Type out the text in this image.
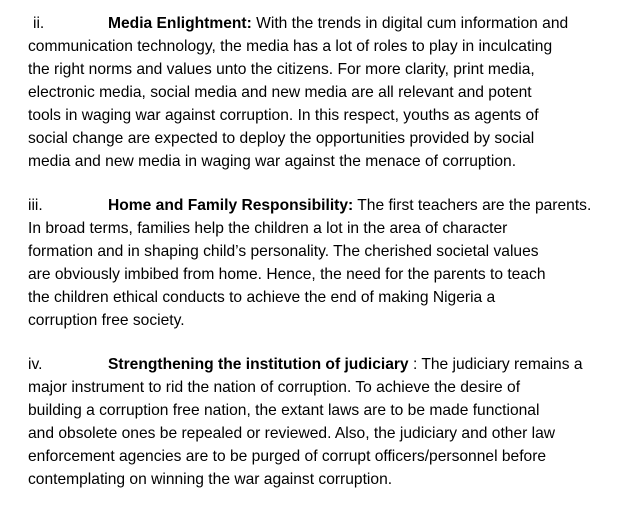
ii.	Media Enlightment: With the trends in digital cum information and
communication technology, the media has a lot of roles to play in inculcating
the right norms and values unto the citizens. For more clarity, print media,
electronic media, social media and new media are all relevant and potent
tools in waging war against corruption. In this respect, youths as agents of
social change are expected to deploy the opportunities provided by social
media and new media in waging war against the menace of corruption.
iii.	Home and Family Responsibility: The first teachers are the parents.
In broad terms, families help the children a lot in the area of character
formation and in shaping child’s personality. The cherished societal values
are obviously imbibed from home. Hence, the need for the parents to teach
the children ethical conducts to achieve the end of making Nigeria a
corruption free society.
iv.	Strengthening the institution of judiciary : The judiciary remains a
major instrument to rid the nation of corruption. To achieve the desire of
building a corruption free nation, the extant laws are to be made functional
and obsolete ones be repealed or reviewed. Also, the judiciary and other law
enforcement agencies are to be purged of corrupt officers/personnel before
contemplating on winning the war against corruption.
